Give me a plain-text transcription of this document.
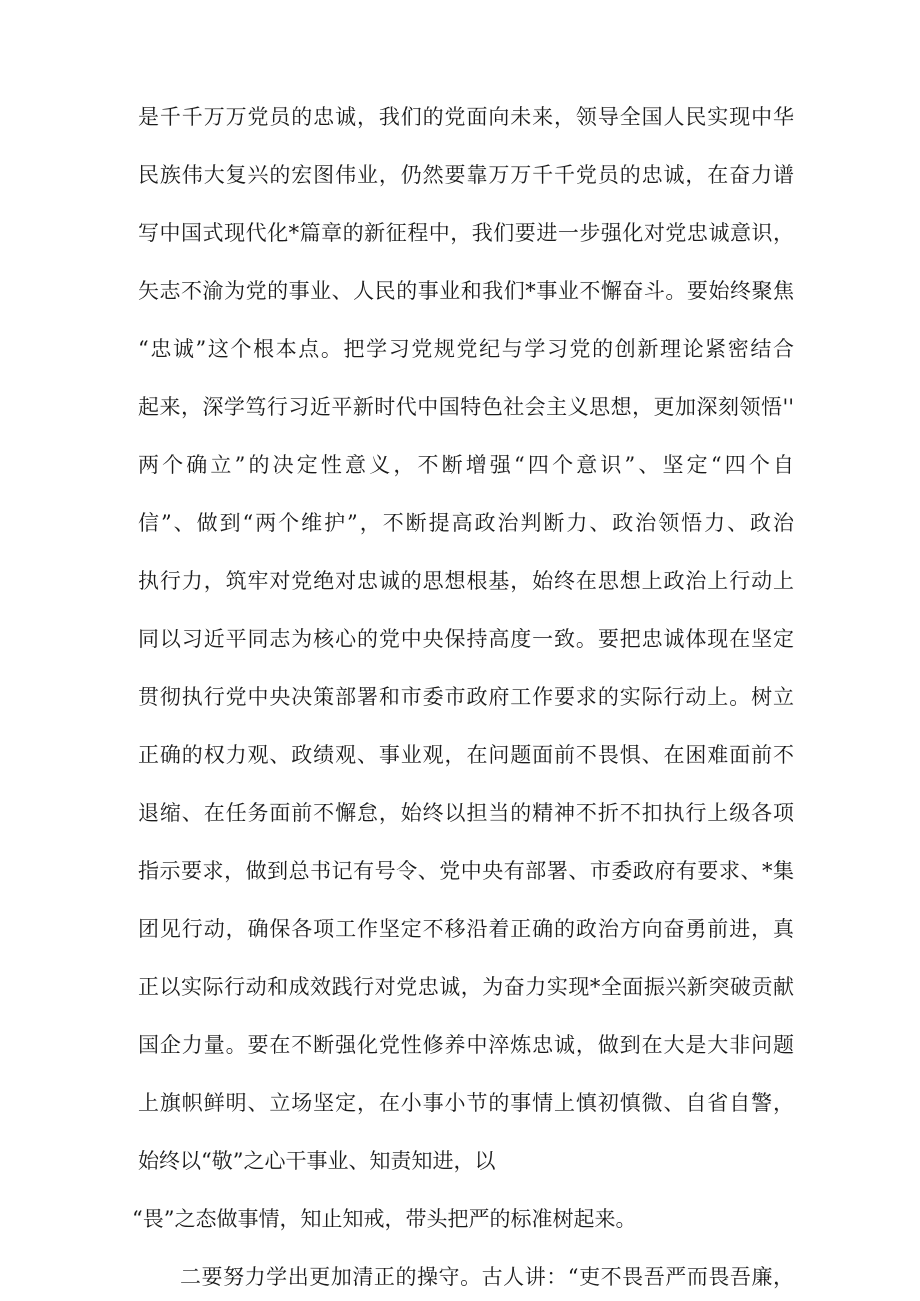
是千千万万党员的忠诚，我们的党面向未来，领导全国人民实现中华
民族伟大复兴的宏图伟业，仍然要靠万万千千党员的忠诚，在奋力谱
写中国式现代化*篇章的新征程中，我们要进一步强化对党忠诚意识，
矢志不渝为党的事业、人民的事业和我们*事业不懈奋斗。要始终聚焦
“忠诚”这个根本点。把学习党规党纪与学习党的创新理论紧密结合
起来，深学笃行习近平新时代中国特色社会主义思想，更加深刻领悟''
两个确立”的决定性意义，不断增强“四个意识”、坚定“四个自
信”、做到“两个维护”，不断提高政治判断力、政治领悟力、政治
执行力，筑牢对党绝对忠诚的思想根基，始终在思想上政治上行动上
同以习近平同志为核心的党中央保持高度一致。要把忠诚体现在坚定
贯彻执行党中央决策部署和市委市政府工作要求的实际行动上。树立
正确的权力观、政绩观、事业观，在问题面前不畏惧、在困难面前不
退缩、在任务面前不懈怠，始终以担当的精神不折不扣执行上级各项
指示要求，做到总书记有号令、党中央有部署、市委政府有要求、*集
团见行动，确保各项工作坚定不移沿着正确的政治方向奋勇前进，真
正以实际行动和成效践行对党忠诚，为奋力实现*全面振兴新突破贡献
国企力量。要在不断强化党性修养中淬炼忠诚，做到在大是大非问题
上旗帜鲜明、立场坚定，在小事小节的事情上慎初慎微、自省自警，
始终以“敬”之心干事业、知责知进，以
“畏”之态做事情，知止知戒，带头把严的标准树起来。
二要努力学出更加清正的操守。古人讲：“吏不畏吾严而畏吾廉，
